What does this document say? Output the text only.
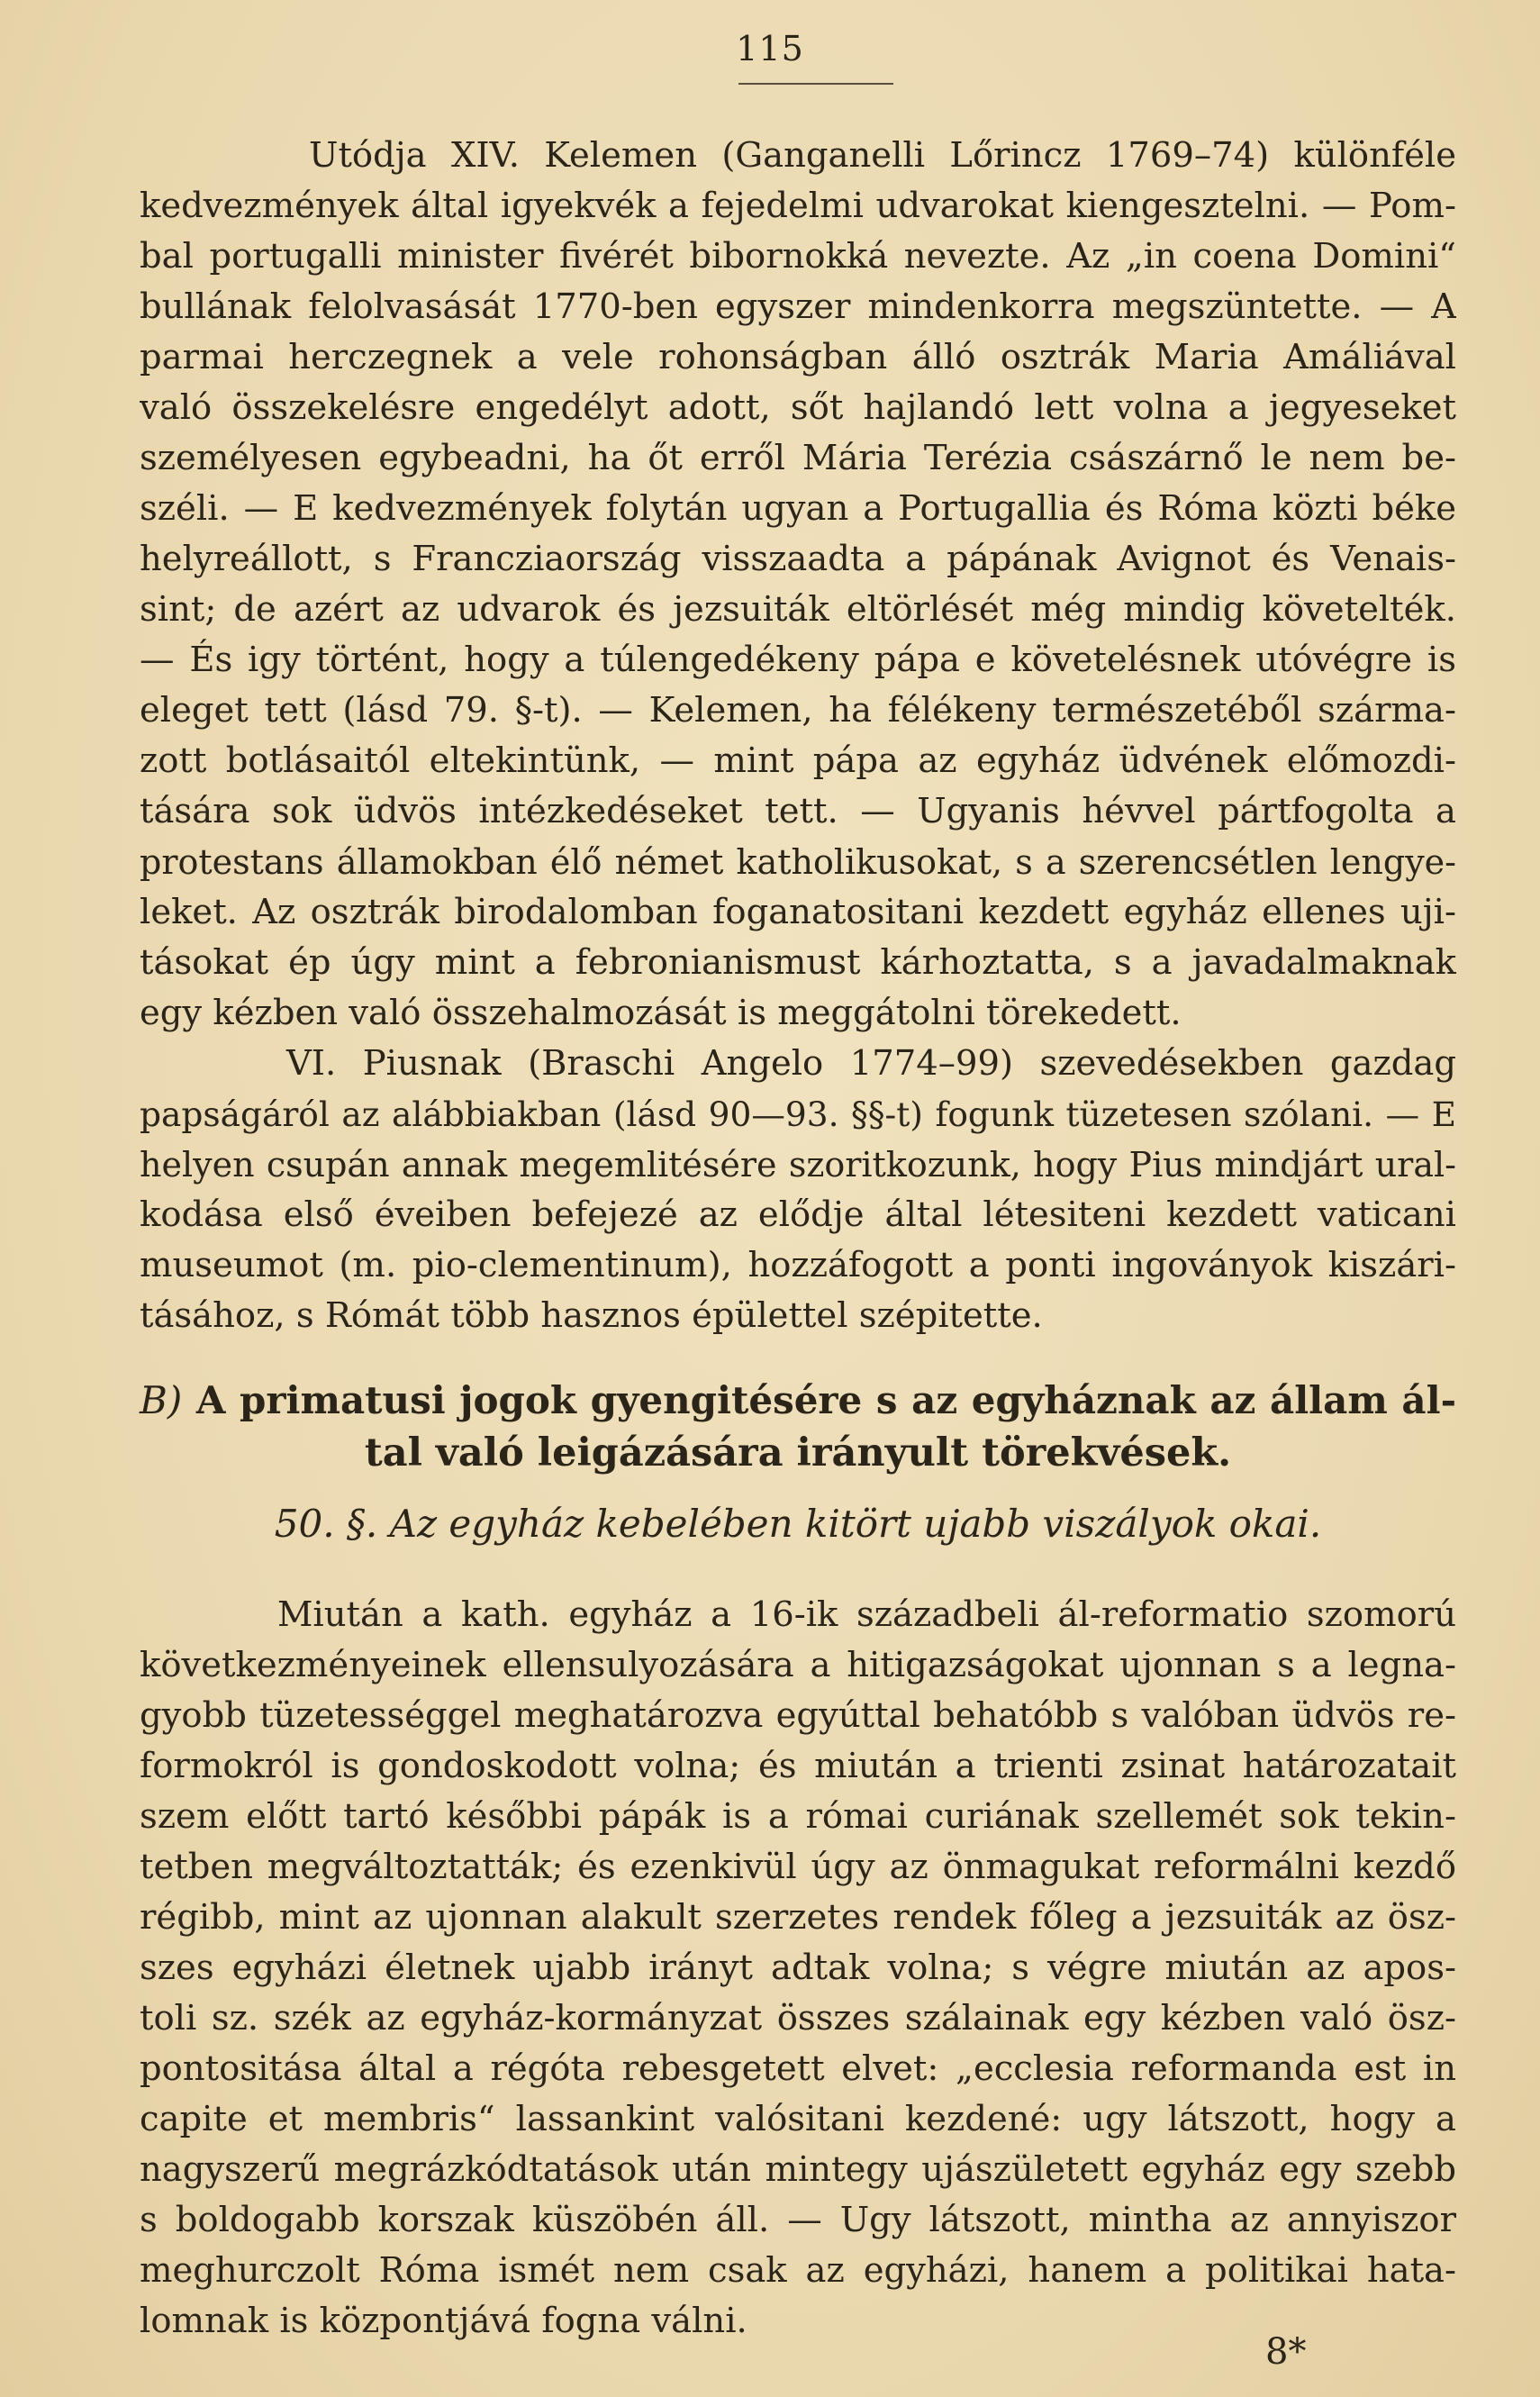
115
Utódja XIV. Kelemen (Ganganelli Lőrincz 1769–74) különféle
kedvezmények által igyekvék a fejedelmi udvarokat kiengesztelni. — Pom-
bal portugalli minister fivérét bibornokká nevezte. Az „in coena Domini“
bullának felolvasását 1770-ben egyszer mindenkorra megszüntette. — A
parmai herczegnek a vele rohonságban álló osztrák Maria Amáliával
való összekelésre engedélyt adott, sőt hajlandó lett volna a jegyeseket
személyesen egybeadni, ha őt erről Mária Terézia császárnő le nem be-
széli. — E kedvezmények folytán ugyan a Portugallia és Róma közti béke
helyreállott, s Francziaország visszaadta a pápának Avignot és Venais-
sint; de azért az udvarok és jezsuiták eltörlését még mindig követelték.
— És igy történt, hogy a túlengedékeny pápa e követelésnek utóvégre is
eleget tett (lásd 79. §-t). — Kelemen, ha félékeny természetéből szárma-
zott botlásaitól eltekintünk, — mint pápa az egyház üdvének előmozdi-
tására sok üdvös intézkedéseket tett. — Ugyanis hévvel pártfogolta a
protestans államokban élő német katholikusokat, s a szerencsétlen lengye-
leket. Az osztrák birodalomban foganatositani kezdett egyház ellenes uji-
tásokat ép úgy mint a febronianismust kárhoztatta, s a javadalmaknak
egy kézben való összehalmozását is meggátolni törekedett.
VI. Piusnak (Braschi Angelo 1774–99) szevedésekben gazdag
papságáról az alábbiakban (lásd 90—93. §§-t) fogunk tüzetesen szólani. — E
helyen csupán annak megemlitésére szoritkozunk, hogy Pius mindjárt ural-
kodása első éveiben befejezé az elődje által létesiteni kezdett vaticani
museumot (m. pio-clementinum), hozzáfogott a ponti ingoványok kiszári-
tásához, s Rómát több hasznos épülettel szépitette.
B) A primatusi jogok gyengitésére s az egyháznak az állam ál-
tal való leigázására irányult törekvések.
50. §. Az egyház kebelében kitört ujabb viszályok okai.
Miután a kath. egyház a 16-ik századbeli ál-reformatio szomorú
következményeinek ellensulyozására a hitigazságokat ujonnan s a legna-
gyobb tüzetességgel meghatározva egyúttal behatóbb s valóban üdvös re-
formokról is gondoskodott volna; és miután a trienti zsinat határozatait
szem előtt tartó későbbi pápák is a római curiának szellemét sok tekin-
tetben megváltoztatták; és ezenkivül úgy az önmagukat reformálni kezdő
régibb, mint az ujonnan alakult szerzetes rendek főleg a jezsuiták az ösz-
szes egyházi életnek ujabb irányt adtak volna; s végre miután az apos-
toli sz. szék az egyház-kormányzat összes szálainak egy kézben való ösz-
pontositása által a régóta rebesgetett elvet: „ecclesia reformanda est in
capite et membris“ lassankint valósitani kezdené: ugy látszott, hogy a
nagyszerű megrázkódtatások után mintegy ujászületett egyház egy szebb
s boldogabb korszak küszöbén áll. — Ugy látszott, mintha az annyiszor
meghurczolt Róma ismét nem csak az egyházi, hanem a politikai hata-
lomnak is központjává fogna válni.
8*
